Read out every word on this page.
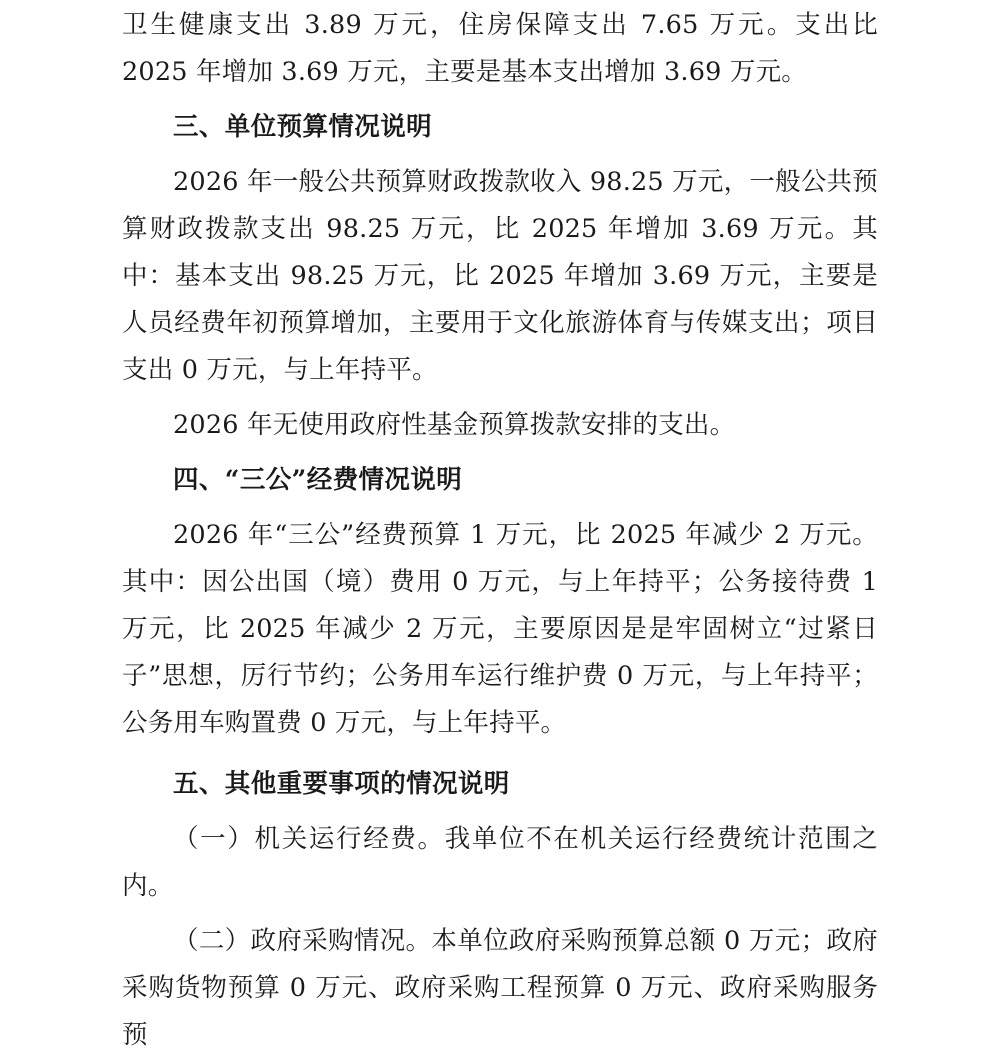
卫生健康支出 3.89 万元，住房保障支出 7.65 万元。支出比 2025 年增加 3.69 万元，主要是基本支出增加 3.69 万元。

三、单位预算情况说明

2026 年一般公共预算财政拨款收入 98.25 万元，一般公共预算财政拨款支出 98.25 万元，比 2025 年增加 3.69 万元。其中：基本支出 98.25 万元，比 2025 年增加 3.69 万元，主要是人员经费年初预算增加，主要用于文化旅游体育与传媒支出；项目支出 0 万元，与上年持平。

2026 年无使用政府性基金预算拨款安排的支出。

四、“三公”经费情况说明

2026 年“三公”经费预算 1 万元，比 2025 年减少 2 万元。其中：因公出国（境）费用 0 万元，与上年持平；公务接待费 1 万元，比 2025 年减少 2 万元，主要原因是是牢固树立“过紧日子”思想，厉行节约；公务用车运行维护费 0 万元，与上年持平；公务用车购置费 0 万元，与上年持平。

五、其他重要事项的情况说明

（一）机关运行经费。我单位不在机关运行经费统计范围之内。

（二）政府采购情况。本单位政府采购预算总额 0 万元；政府采购货物预算 0 万元、政府采购工程预算 0 万元、政府采购服务预
